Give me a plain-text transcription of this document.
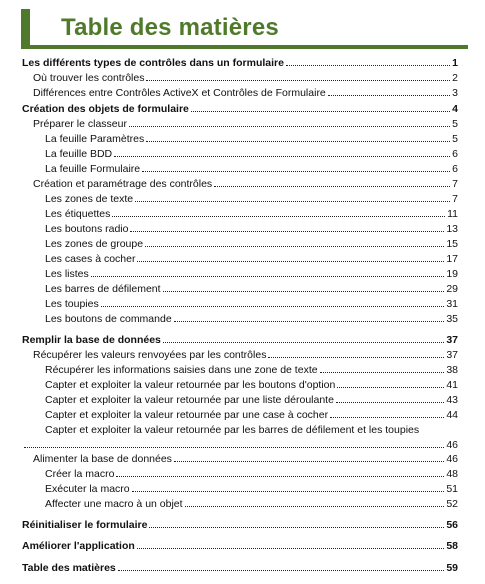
Table des matières
Les différents types de contrôles dans un formulaire	1
Où trouver les contrôles	2
Différences entre Contrôles ActiveX et Contrôles de Formulaire	3
Création des objets de formulaire	4
Préparer le classeur	5
La feuille Paramètres	5
La feuille BDD	6
La feuille Formulaire	6
Création et paramétrage des contrôles	7
Les zones de texte	7
Les étiquettes	11
Les boutons radio	13
Les zones de groupe	15
Les cases à cocher	17
Les listes	19
Les barres de défilement	29
Les toupies	31
Les boutons de commande	35
Remplir la base de données	37
Récupérer les valeurs renvoyées par les contrôles	37
Récupérer les informations saisies dans une zone de texte	38
Capter et exploiter la valeur retournée par les boutons d'option	41
Capter et exploiter la valeur retournée par une liste déroulante	43
Capter et exploiter la valeur retournée par une case à cocher	44
Capter et exploiter la valeur retournée par les barres de défilement et les toupies
46
Alimenter la base de données	46
Créer la macro	48
Exécuter la macro	51
Affecter une macro à un objet	52
Réinitialiser le formulaire	56
Améliorer l'application	58
Table des matières	59
